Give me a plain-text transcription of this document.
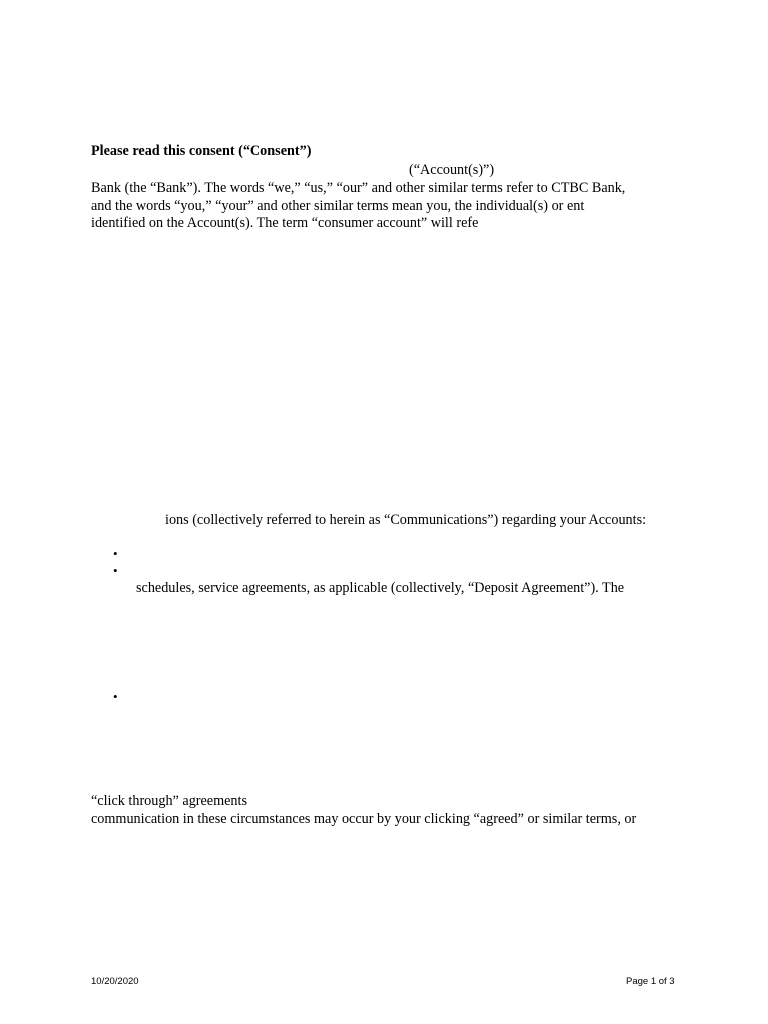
Please read this consent (“Consent”)
(“Account(s)”)
Bank (the “Bank”). The words “we,” “us,” “our” and other similar terms refer to CTBC Bank,
and the words “you,” “your” and other similar terms mean you, the individual(s) or ent
identified on the Account(s). The term “consumer account” will refe
ions (collectively referred to herein as “Communications”) regarding your Accounts:
•
•
schedules, service agreements, as applicable (collectively, “Deposit Agreement”). The
•
“click through” agreements
communication in these circumstances may occur by your clicking “agreed” or similar terms, or
10/20/2020	Page 1 of 3
